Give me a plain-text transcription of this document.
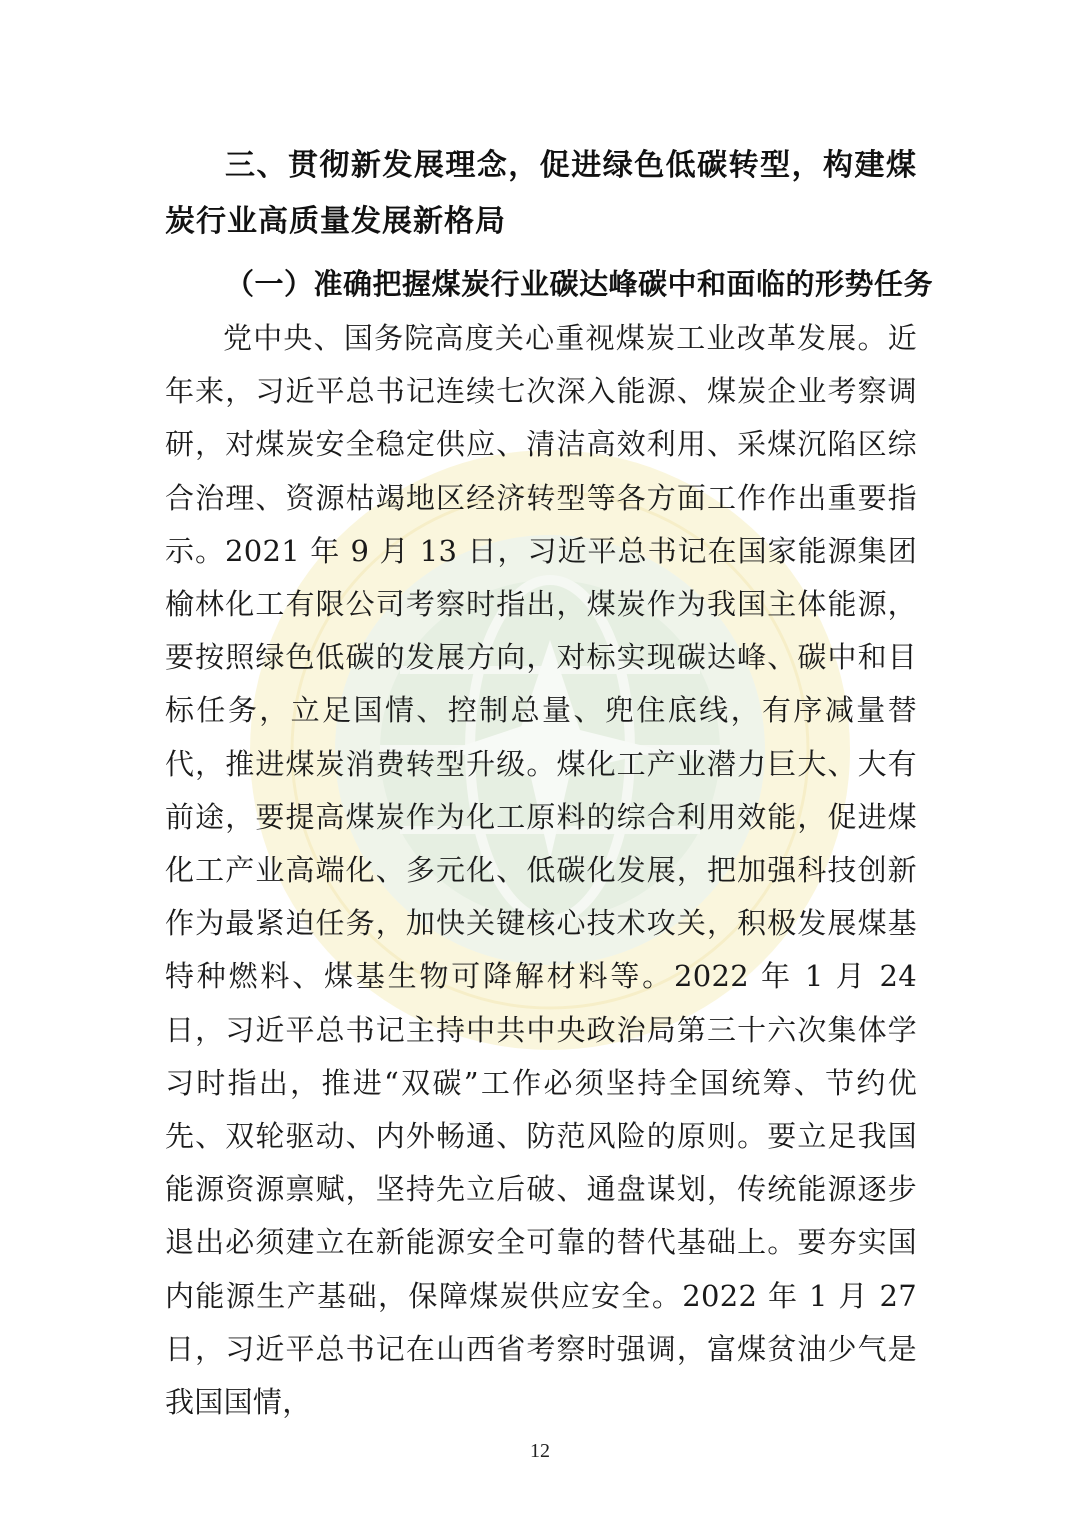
三、贯彻新发展理念，促进绿色低碳转型，构建煤炭行业高质量发展新格局

（一）准确把握煤炭行业碳达峰碳中和面临的形势任务

党中央、国务院高度关心重视煤炭工业改革发展。近年来，习近平总书记连续七次深入能源、煤炭企业考察调研，对煤炭安全稳定供应、清洁高效利用、采煤沉陷区综合治理、资源枯竭地区经济转型等各方面工作作出重要指示。2021 年 9 月 13 日，习近平总书记在国家能源集团榆林化工有限公司考察时指出，煤炭作为我国主体能源，要按照绿色低碳的发展方向，对标实现碳达峰、碳中和目标任务，立足国情、控制总量、兜住底线，有序减量替代，推进煤炭消费转型升级。煤化工产业潜力巨大、大有前途，要提高煤炭作为化工原料的综合利用效能，促进煤化工产业高端化、多元化、低碳化发展，把加强科技创新作为最紧迫任务，加快关键核心技术攻关，积极发展煤基特种燃料、煤基生物可降解材料等。2022 年 1 月 24 日，习近平总书记主持中共中央政治局第三十六次集体学习时指出，推进“双碳”工作必须坚持全国统筹、节约优先、双轮驱动、内外畅通、防范风险的原则。要立足我国能源资源禀赋，坚持先立后破、通盘谋划，传统能源逐步退出必须建立在新能源安全可靠的替代基础上。要夯实国内能源生产基础，保障煤炭供应安全。2022 年 1 月 27 日，习近平总书记在山西省考察时强调，富煤贫油少气是我国国情，

12
